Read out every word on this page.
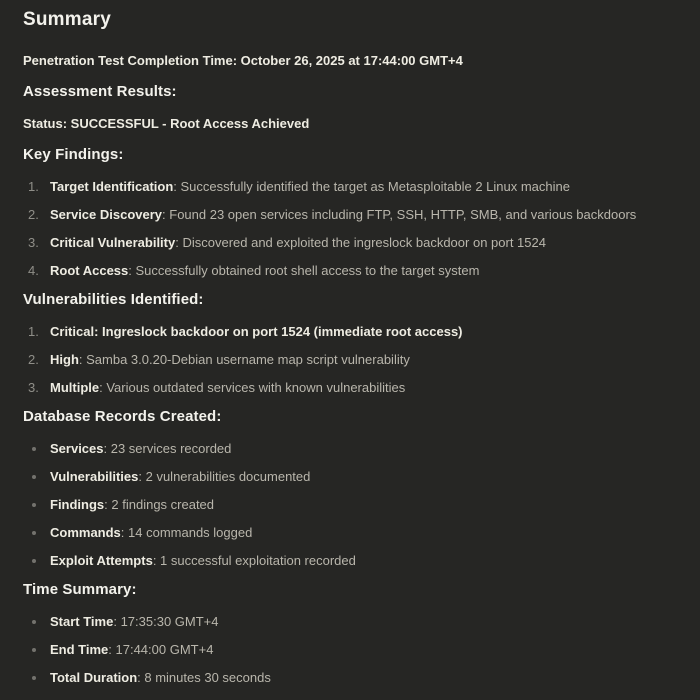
Summary

Penetration Test Completion Time: October 26, 2025 at 17:44:00 GMT+4

Assessment Results:

Status: SUCCESSFUL - Root Access Achieved

Key Findings:
1. Target Identification: Successfully identified the target as Metasploitable 2 Linux machine
2. Service Discovery: Found 23 open services including FTP, SSH, HTTP, SMB, and various backdoors
3. Critical Vulnerability: Discovered and exploited the ingreslock backdoor on port 1524
4. Root Access: Successfully obtained root shell access to the target system
Vulnerabilities Identified:
1. Critical: Ingreslock backdoor on port 1524 (immediate root access)
2. High: Samba 3.0.20-Debian username map script vulnerability
3. Multiple: Various outdated services with known vulnerabilities
Database Records Created:
Services: 23 services recorded
Vulnerabilities: 2 vulnerabilities documented
Findings: 2 findings created
Commands: 14 commands logged
Exploit Attempts: 1 successful exploitation recorded
Time Summary:
Start Time: 17:35:30 GMT+4
End Time: 17:44:00 GMT+4
Total Duration: 8 minutes 30 seconds
